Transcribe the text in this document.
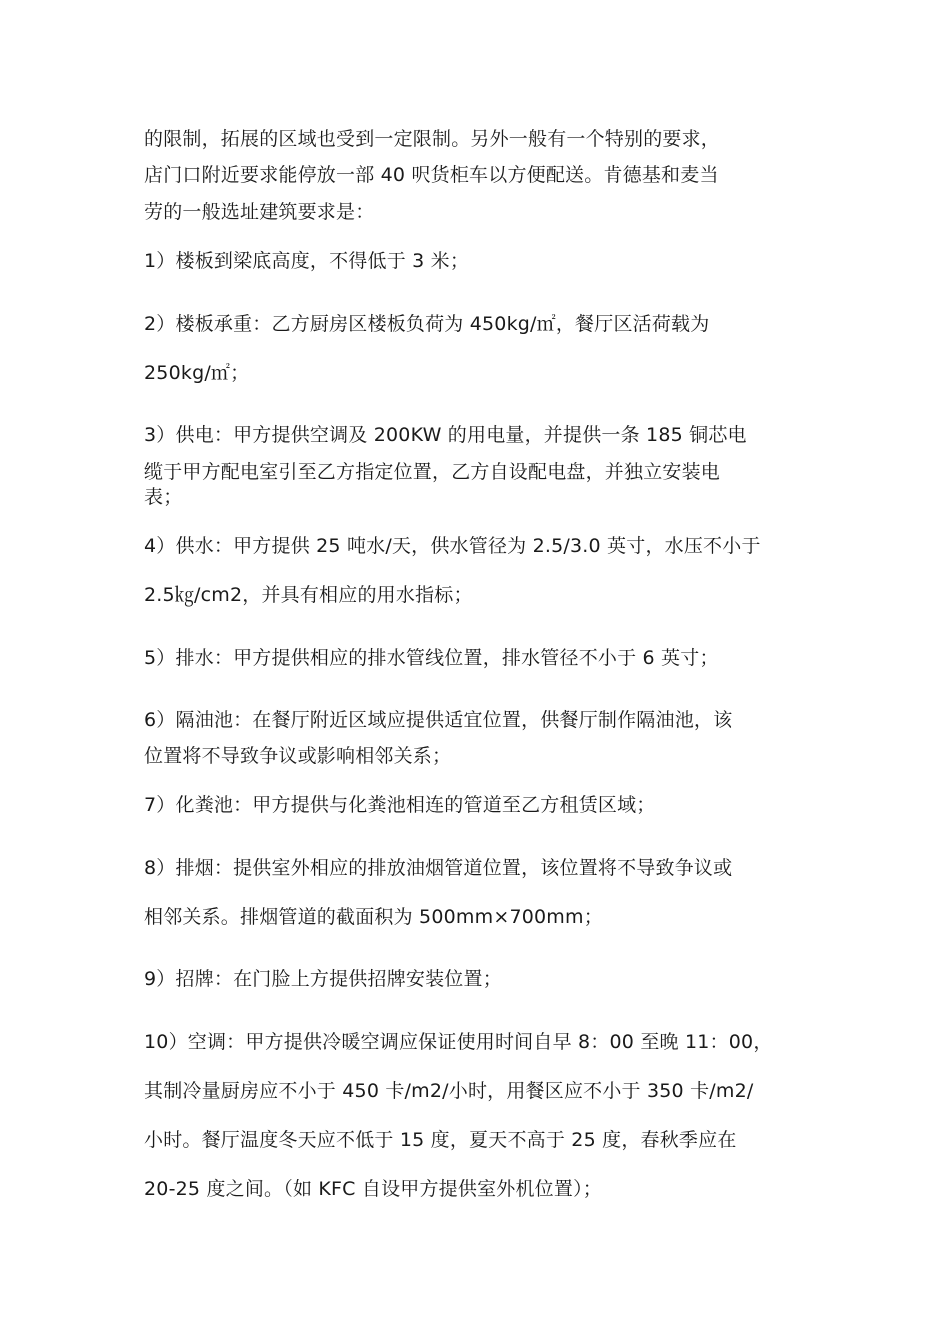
的限制，拓展的区域也受到一定限制。另外一般有一个特别的要求，
店门口附近要求能停放一部 40 呎货柜车以方便配送。肯德基和麦当
劳的一般选址建筑要求是：
1）楼板到梁底高度，不得低于 3 米；
2）楼板承重：乙方厨房区楼板负荷为 450kg/㎡，餐厅区活荷载为
250kg/㎡；
3）供电：甲方提供空调及 200KW 的用电量，并提供一条 185 铜芯电
缆于甲方配电室引至乙方指定位置，乙方自设配电盘，并独立安装电
表；
4）供水：甲方提供 25 吨水/天，供水管径为 2.5/3.0 英寸，水压不小于
2.5㎏/cm2，并具有相应的用水指标；
5）排水：甲方提供相应的排水管线位置，排水管径不小于 6 英寸；
6）隔油池：在餐厅附近区域应提供适宜位置，供餐厅制作隔油池，该
位置将不导致争议或影响相邻关系；
7）化粪池：甲方提供与化粪池相连的管道至乙方租赁区域；
8）排烟：提供室外相应的排放油烟管道位置，该位置将不导致争议或
相邻关系。排烟管道的截面积为 500mm×700mm；
9）招牌：在门脸上方提供招牌安装位置；
10）空调：甲方提供冷暖空调应保证使用时间自早 8：00 至晚 11：00，
其制冷量厨房应不小于 450 卡/m2/小时，用餐区应不小于 350 卡/m2/
小时。餐厅温度冬天应不低于 15 度，夏天不高于 25 度，春秋季应在
20-25 度之间。（如 KFC 自设甲方提供室外机位置）；
